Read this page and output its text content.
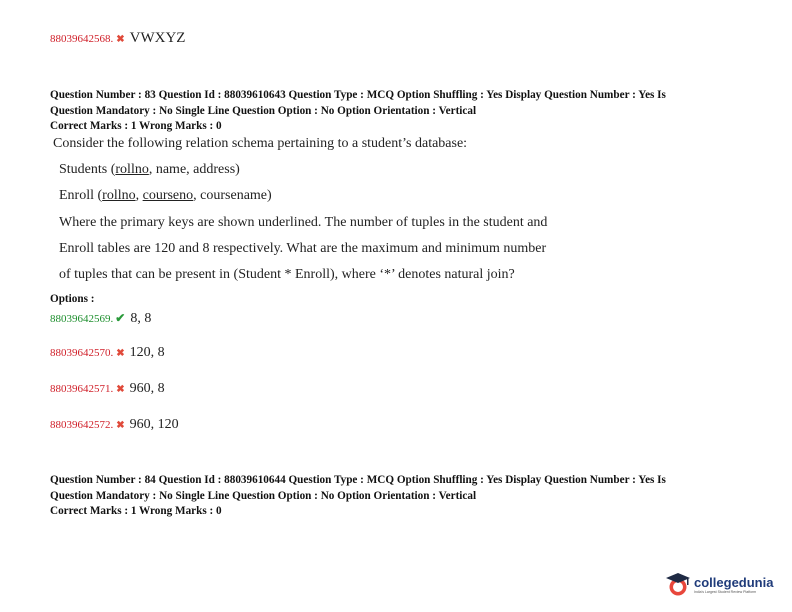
88039642568. ✖ VWXYZ
Question Number : 83 Question Id : 88039610643 Question Type : MCQ Option Shuffling : Yes Display Question Number : Yes Is
Question Mandatory : No Single Line Question Option : No Option Orientation : Vertical
Correct Marks : 1 Wrong Marks : 0
Consider the following relation schema pertaining to a student’s database:
Students (rollno, name, address)
Enroll (rollno, courseno, coursename)
Where the primary keys are shown underlined. The number of tuples in the student and
Enroll tables are 120 and 8 respectively. What are the maximum and minimum number
of tuples that can be present in (Student * Enroll), where ‘*’ denotes natural join?
Options :
88039642569. ✔ 8, 8
88039642570. ✖ 120, 8
88039642571. ✖ 960, 8
88039642572. ✖ 960, 120
Question Number : 84 Question Id : 88039610644 Question Type : MCQ Option Shuffling : Yes Display Question Number : Yes Is
Question Mandatory : No Single Line Question Option : No Option Orientation : Vertical
Correct Marks : 1 Wrong Marks : 0
collegedunia
India's Largest Student Review Platform
